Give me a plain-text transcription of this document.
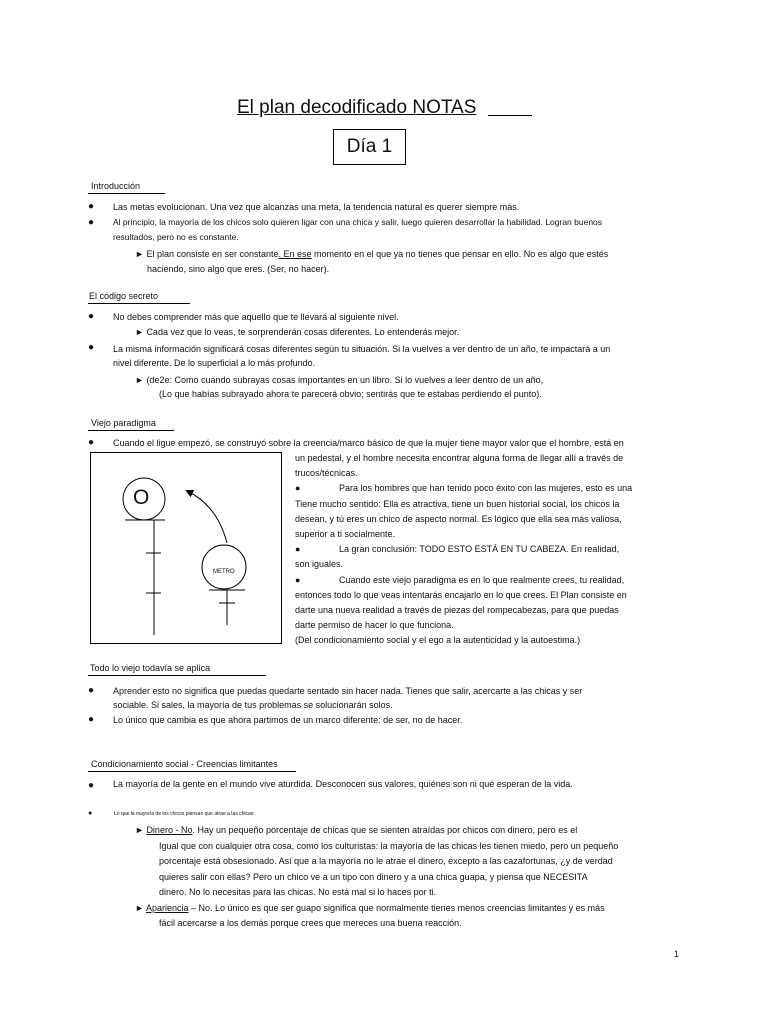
El plan decodificado NOTAS
Día 1
Introducción
● Las metas evolucionan. Una vez que alcanzas una meta, la tendencia natural es querer siempre más.
● Al principio, la mayoría de los chicos solo quieren ligar con una chica y salir, luego quieren desarrollar la habilidad. Logran buenos

resultados, pero no es constante.

► El plan consiste en ser constante. En ese momento en el que ya no tienes que pensar en ello. No es algo que estés
haciendo, sino algo que eres. (Ser, no hacer).
El código secreto
● No debes comprender más que aquello que te llevará al siguiente nivel.
► Cada vez que lo veas, te sorprenderán cosas diferentes. Lo entenderás mejor.
● La misma información significará cosas diferentes según tu situación. Si la vuelves a ver dentro de un año, te impactará a un

nivel diferente. De lo superficial a lo más profundo.

► (de2e: Como cuando subrayas cosas importantes en un libro. Si lo vuelves a leer dentro de un año,

(Lo que habías subrayado ahora te parecerá obvio; sentirás que te estabas perdiendo el punto).

Viejo paradigma
● Cuando el ligue empezó, se construyó sobre la creencia/marco básico de que la mujer tiene mayor valor que el hombre, está en
O
METRO

un pedestal, y el hombre necesita encontrar alguna forma de llegar allí a través de

trucos/técnicas.

●	Para los hombres que han tenido poco éxito con las mujeres, esto es una

Tiene mucho sentido: Ella es atractiva, tiene un buen historial social, los chicos la

desean, y tú eres un chico de aspecto normal. Es lógico que ella sea más valiosa,

superior a ti socialmente.

●	La gran conclusión: TODO ESTO ESTÁ EN TU CABEZA. En realidad,

son iguales.

●	Cuando este viejo paradigma es en lo que realmente crees, tu realidad,

entonces todo lo que veas intentarás encajarlo en lo que crees. El Plan consiste en

darte una nueva realidad a través de piezas del rompecabezas, para que puedas

darte permiso de hacer lo que funciona.

(Del condicionamiento social y el ego a la autenticidad y la autoestima.)

Todo lo viejo todavía se aplica
● Aprender esto no significa que puedas quedarte sentado sin hacer nada. Tienes que salir, acercarte a las chicas y ser

sociable. Si sales, la mayoría de tus problemas se solucionarán solos.

● Lo único que cambia es que ahora partimos de un marco diferente: de ser, no de hacer.
Condicionamiento social - Creencias limitantes
● La mayoría de la gente en el mundo vive aturdida. Desconocen sus valores, quiénes son ni qué esperan de la vida.
●	Lo que la mayoría de los chicos piensan que atrae a las chicas:

► Dinero - No. Hay un pequeño porcentaje de chicas que se sienten atraídas por chicos con dinero, pero es el

Igual que con cualquier otra cosa, como los culturistas: la mayoría de las chicas les tienen miedo, pero un pequeño

porcentaje está obsesionado. Así que a la mayoría no le atrae el dinero, excepto a las cazafortunas, ¿y de verdad

quieres salir con ellas? Pero un chico ve a un tipo con dinero y a una chica guapa, y piensa que NECESITA

dinero. No lo necesitas para las chicas. No está mal si lo haces por ti.

► Apariencia – No. Lo único es que ser guapo significa que normalmente tienes menos creencias limitantes y es más

fácil acercarse a los demás porque crees que mereces una buena reacción.

1
